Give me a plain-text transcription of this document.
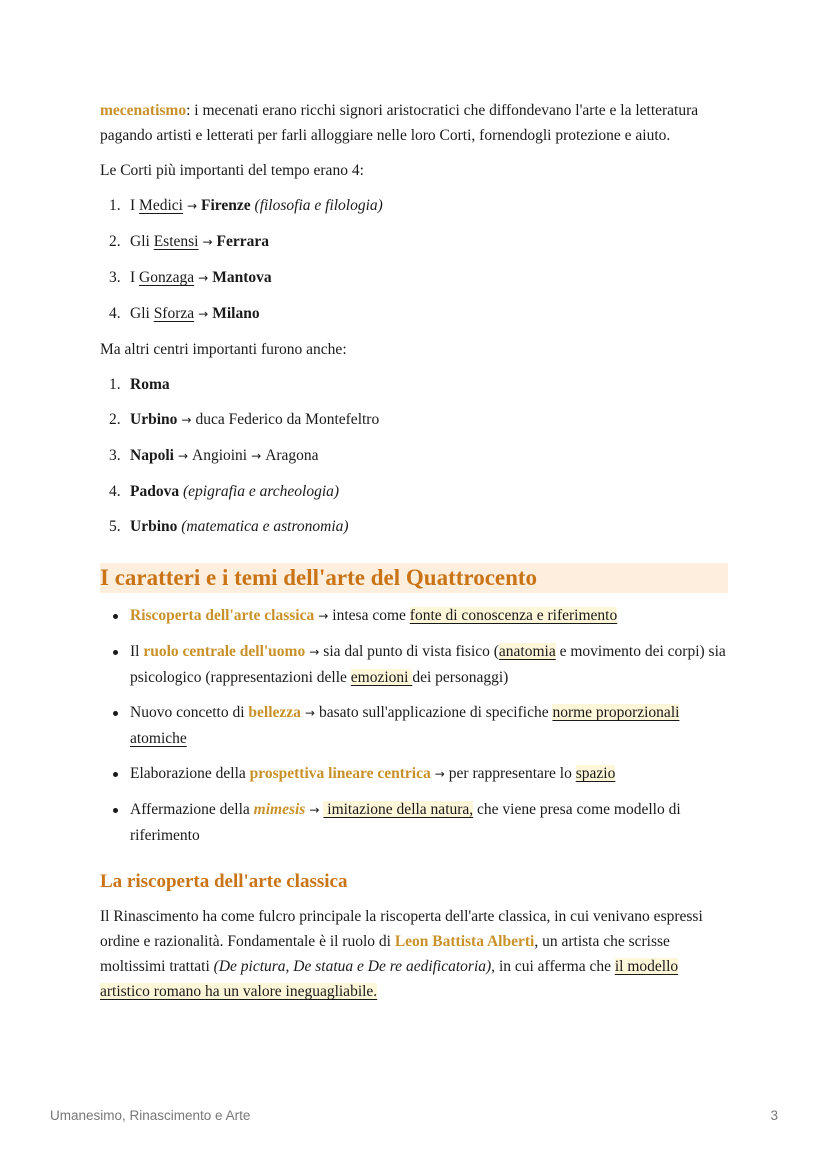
mecenatismo: i mecenati erano ricchi signori aristocratici che diffondevano l'arte e la letteratura pagando artisti e letterati per farli alloggiare nelle loro Corti, fornendogli protezione e aiuto.

Le Corti più importanti del tempo erano 4:

1. I Medici → Firenze (filosofia e filologia)
2. Gli Estensi → Ferrara
3. I Gonzaga → Mantova
4. Gli Sforza → Milano

Ma altri centri importanti furono anche:

1. Roma
2. Urbino → duca Federico da Montefeltro
3. Napoli → Angioini → Aragona
4. Padova (epigrafia e archeologia)
5. Urbino (matematica e astronomia)
I caratteri e i temi dell'arte del Quattrocento
Riscoperta dell'arte classica → intesa come fonte di conoscenza e riferimento
Il ruolo centrale dell'uomo → sia dal punto di vista fisico (anatomia e movimento dei corpi) sia psicologico (rappresentazioni delle emozioni dei personaggi)
Nuovo concetto di bellezza → basato sull'applicazione di specifiche norme proporzionali atomiche
Elaborazione della prospettiva lineare centrica → per rappresentare lo spazio
Affermazione della mimesis → imitazione della natura, che viene presa come modello di riferimento
La riscoperta dell'arte classica

Il Rinascimento ha come fulcro principale la riscoperta dell'arte classica, in cui venivano espressi ordine e razionalità. Fondamentale è il ruolo di Leon Battista Alberti, un artista che scrisse moltissimi trattati (De pictura, De statua e De re aedificatoria), in cui afferma che il modello artistico romano ha un valore ineguagliabile.

Umanesimo, Rinascimento e Arte	3
